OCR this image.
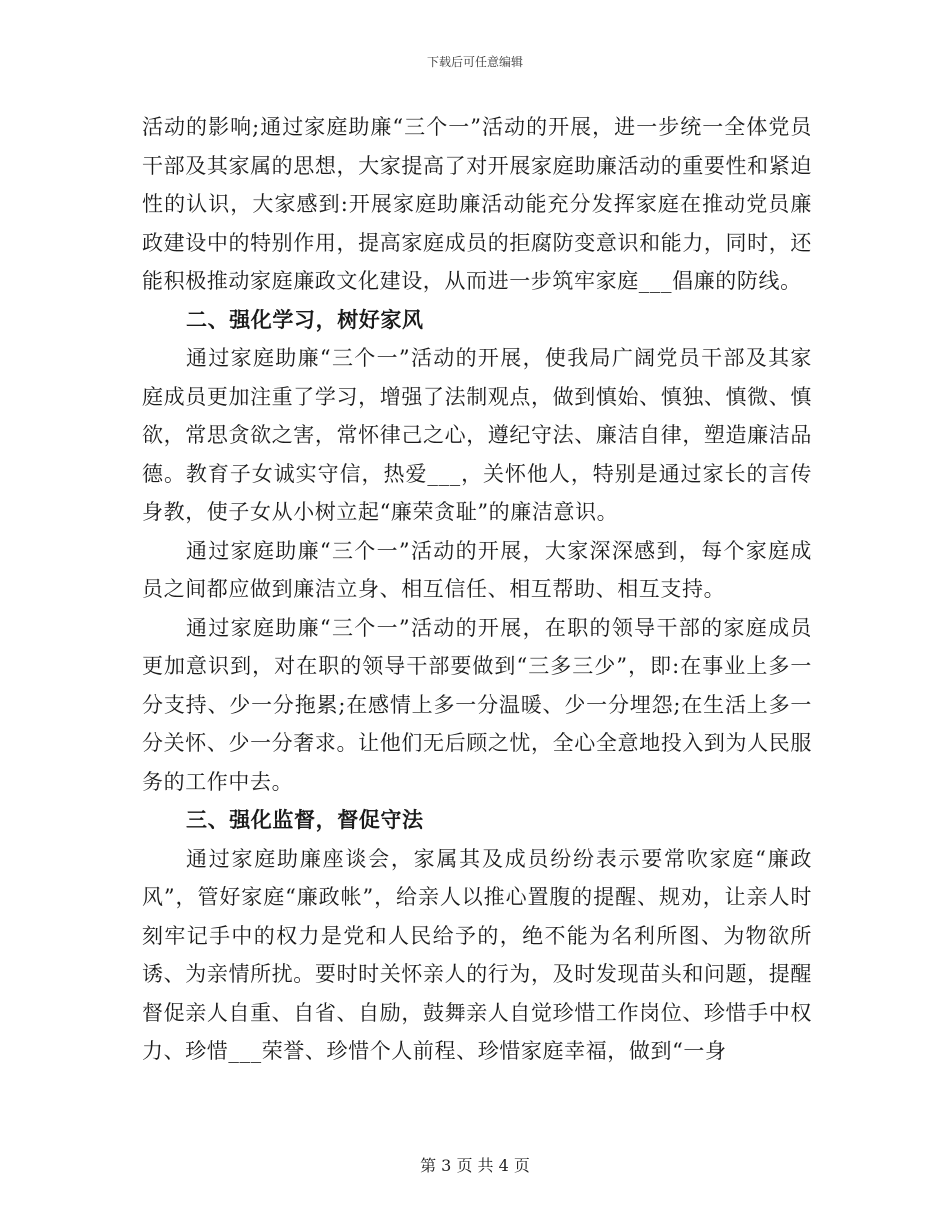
下载后可任意编辑

活动的影响;通过家庭助廉“三个一”活动的开展，进一步统一全体党员干部及其家属的思想，大家提高了对开展家庭助廉活动的重要性和紧迫性的认识，大家感到:开展家庭助廉活动能充分发挥家庭在推动党员廉政建设中的特别作用，提高家庭成员的拒腐防变意识和能力，同时，还能积极推动家庭廉政文化建设，从而进一步筑牢家庭___倡廉的防线。

二、强化学习，树好家风

通过家庭助廉“三个一”活动的开展，使我局广阔党员干部及其家庭成员更加注重了学习，增强了法制观点，做到慎始、慎独、慎微、慎欲，常思贪欲之害，常怀律己之心，遵纪守法、廉洁自律，塑造廉洁品德。教育子女诚实守信，热爱___，关怀他人，特别是通过家长的言传身教，使子女从小树立起“廉荣贪耻”的廉洁意识。

通过家庭助廉“三个一”活动的开展，大家深深感到，每个家庭成员之间都应做到廉洁立身、相互信任、相互帮助、相互支持。

通过家庭助廉“三个一”活动的开展，在职的领导干部的家庭成员更加意识到，对在职的领导干部要做到“三多三少”，即:在事业上多一分支持、少一分拖累;在感情上多一分温暖、少一分埋怨;在生活上多一分关怀、少一分奢求。让他们无后顾之忧，全心全意地投入到为人民服务的工作中去。

三、强化监督，督促守法

通过家庭助廉座谈会，家属其及成员纷纷表示要常吹家庭“廉政风”，管好家庭“廉政帐”，给亲人以推心置腹的提醒、规劝，让亲人时刻牢记手中的权力是党和人民给予的，绝不能为名利所图、为物欲所诱、为亲情所扰。要时时关怀亲人的行为，及时发现苗头和问题，提醒督促亲人自重、自省、自励，鼓舞亲人自觉珍惜工作岗位、珍惜手中权力、珍惜___荣誉、珍惜个人前程、珍惜家庭幸福，做到“一身

第 3 页 共 4 页
